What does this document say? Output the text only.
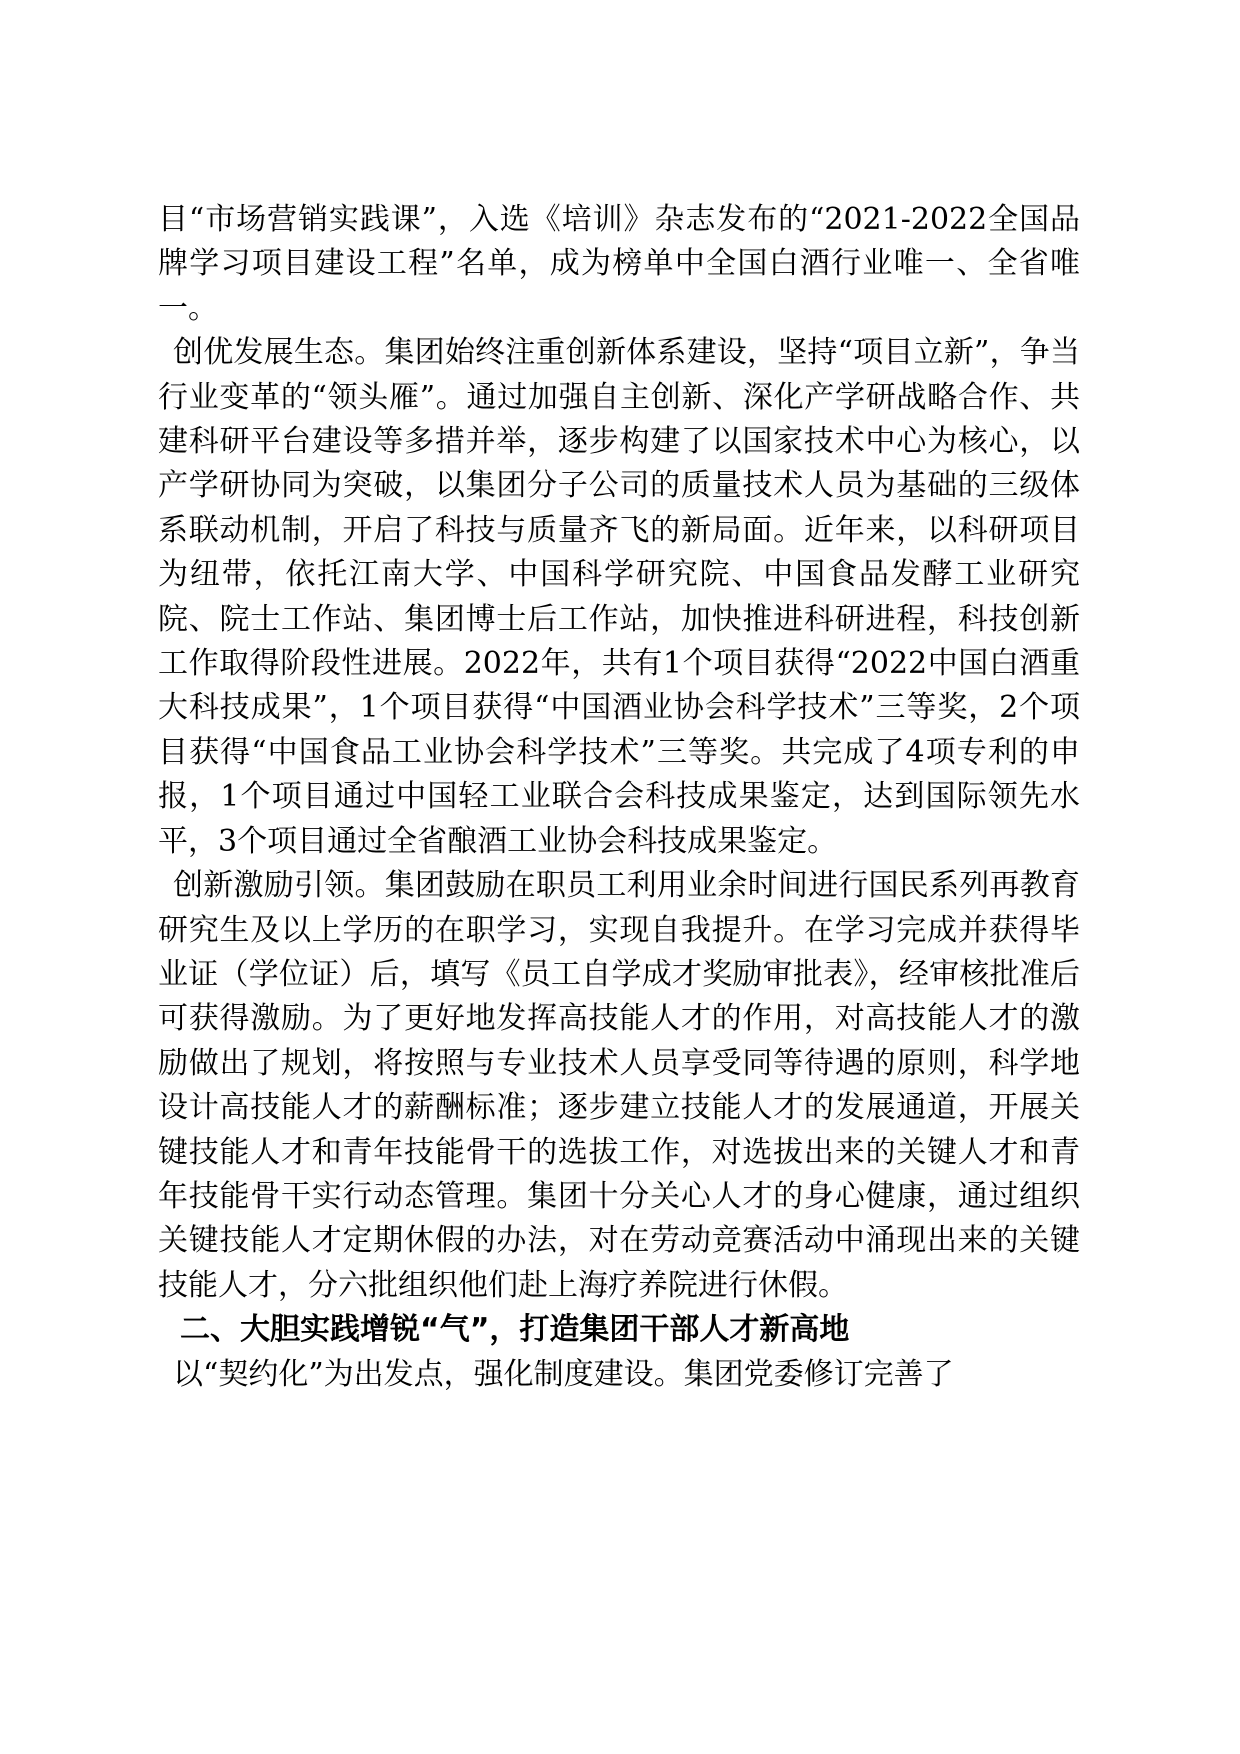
目“市场营销实践课”，入选《培训》杂志发布的“2021-2022全国品牌学习项目建设工程”名单，成为榜单中全国白酒行业唯一、全省唯一。

创优发展生态。集团始终注重创新体系建设，坚持“项目立新”，争当行业变革的“领头雁”。通过加强自主创新、深化产学研战略合作、共建科研平台建设等多措并举，逐步构建了以国家技术中心为核心，以产学研协同为突破，以集团分子公司的质量技术人员为基础的三级体系联动机制，开启了科技与质量齐飞的新局面。近年来，以科研项目为纽带，依托江南大学、中国科学研究院、中国食品发酵工业研究院、院士工作站、集团博士后工作站，加快推进科研进程，科技创新工作取得阶段性进展。2022年，共有1个项目获得“2022中国白酒重大科技成果”，1个项目获得“中国酒业协会科学技术”三等奖，2个项目获得“中国食品工业协会科学技术”三等奖。共完成了4项专利的申报，1个项目通过中国轻工业联合会科技成果鉴定，达到国际领先水平，3个项目通过全省酿酒工业协会科技成果鉴定。

创新激励引领。集团鼓励在职员工利用业余时间进行国民系列再教育研究生及以上学历的在职学习，实现自我提升。在学习完成并获得毕业证（学位证）后，填写《员工自学成才奖励审批表》，经审核批准后可获得激励。为了更好地发挥高技能人才的作用，对高技能人才的激励做出了规划，将按照与专业技术人员享受同等待遇的原则，科学地设计高技能人才的薪酬标准；逐步建立技能人才的发展通道，开展关键技能人才和青年技能骨干的选拔工作，对选拔出来的关键人才和青年技能骨干实行动态管理。集团十分关心人才的身心健康，通过组织关键技能人才定期休假的办法，对在劳动竞赛活动中涌现出来的关键技能人才，分六批组织他们赴上海疗养院进行休假。

二、大胆实践增锐“气”，打造集团干部人才新高地

以“契约化”为出发点，强化制度建设。集团党委修订完善了
